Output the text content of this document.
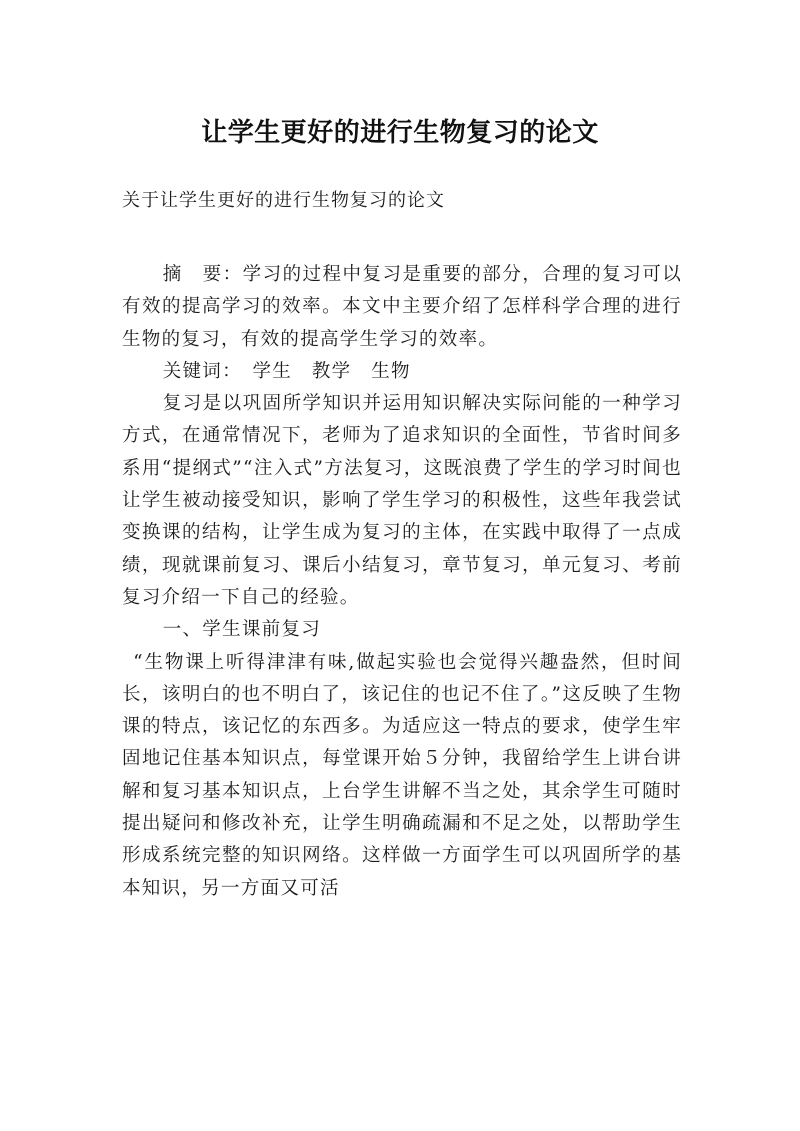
让学生更好的进行生物复习的论文
关于让学生更好的进行生物复习的论文

摘　要：学习的过程中复习是重要的部分，合理的复习可以有效的提高学习的效率。本文中主要介绍了怎样科学合理的进行生物的复习，有效的提高学生学习的效率。

关键词：　学生　教学　生物

复习是以巩固所学知识并运用知识解决实际问能的一种学习方式，在通常情况下，老师为了追求知识的全面性，节省时间多系用“提纲式”“注入式”方法复习，这既浪费了学生的学习时间也让学生被动接受知识，影响了学生学习的积极性，这些年我尝试变换课的结构，让学生成为复习的主体，在实践中取得了一点成绩，现就课前复习、课后小结复习，章节复习，单元复习、考前复习介绍一下自己的经验。

一、学生课前复习

“生物课上听得津津有味,做起实验也会觉得兴趣盎然，但时间长，该明白的也不明白了，该记住的也记不住了。”这反映了生物课的特点，该记忆的东西多。为适应这一特点的要求，使学生牢固地记住基本知识点，每堂课开始５分钟，我留给学生上讲台讲解和复习基本知识点，上台学生讲解不当之处，其余学生可随时提出疑问和修改补充，让学生明确疏漏和不足之处，以帮助学生形成系统完整的知识网络。这样做一方面学生可以巩固所学的基本知识，另一方面又可活
